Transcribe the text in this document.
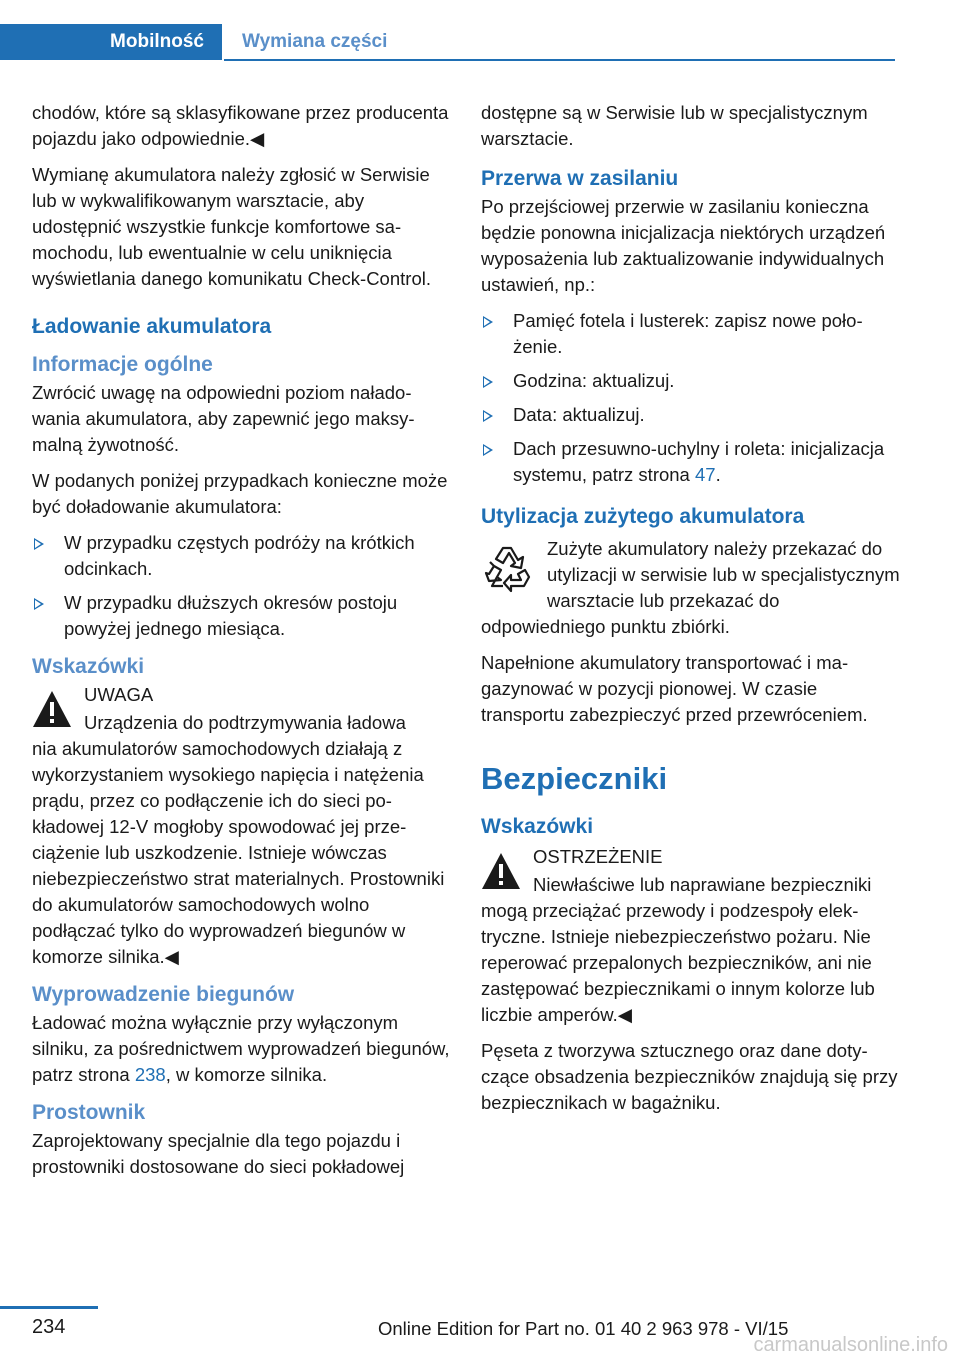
Mobilność	Wymiana części

chodów, które są sklasyfikowane przez producenta pojazdu jako odpowiednie.◀

Wymianę akumulatora należy zgłosić w Serwisie lub w wykwalifikowanym warsztacie, aby udostępnić wszystkie funkcje komfortowe samochodu, lub ewentualnie w celu uniknięcia wyświetlania danego komunikatu Check-Control.

Ładowanie akumulatora
Informacje ogólne

Zwrócić uwagę na odpowiedni poziom naładowania akumulatora, aby zapewnić jego maksymalną żywotność.

W podanych poniżej przypadkach konieczne może być doładowanie akumulatora:

W przypadku częstych podróży na krótkich odcinkach.
W przypadku dłuższych okresów postoju powyżej jednego miesiąca.
Wskazówki

UWAGA

Urządzenia do podtrzymywania ładowa
nia akumulatorów samochodowych działają z wykorzystaniem wysokiego napięcia i natężenia prądu, przez co podłączenie ich do sieci pokładowej 12-V mogłoby spowodować jej przeciążenie lub uszkodzenie. Istnieje wówczas niebezpieczeństwo strat materialnych. Prostowniki do akumulatorów samochodowych wolno podłączać tylko do wyprowadzeń biegunów w komorze silnika.◀

Wyprowadzenie biegunów

Ładować można wyłącznie przy wyłączonym silniku, za pośrednictwem wyprowadzeń biegunów, patrz strona 238, w komorze silnika.

Prostownik

Zaprojektowany specjalnie dla tego pojazdu i prostowniki dostosowane do sieci pokładowej

dostępne są w Serwisie lub w specjalistycznym warsztacie.

Przerwa w zasilaniu

Po przejściowej przerwie w zasilaniu konieczna będzie ponowna inicjalizacja niektórych urządzeń wyposażenia lub zaktualizowanie indywidualnych ustawień, np.:

Pamięć fotela i lusterek: zapisz nowe położenie.
Godzina: aktualizuj.
Data: aktualizuj.
Dach przesuwno-uchylny i roleta: inicjalizacja systemu, patrz strona 47.
Utylizacja zużytego akumulatora

Zużyte akumulatory należy przekazać do utylizacji w serwisie lub w specjalistycznym warsztacie lub przekazać do

odpowiedniego punktu zbiórki.

Napełnione akumulatory transportować i magazynować w pozycji pionowej. W czasie transportu zabezpieczyć przed przewróceniem.

Bezpieczniki
Wskazówki

OSTRZEŻENIE

Niewłaściwe lub naprawiane bezpieczniki
mogą przeciążać przewody i podzespoły elektryczne. Istnieje niebezpieczeństwo pożaru. Nie reperować przepalonych bezpieczników, ani nie zastępować bezpiecznikami o innym kolorze lub liczbie amperów.◀

Pęseta z tworzywa sztucznego oraz dane dotyczące obsadzenia bezpieczników znajdują się przy bezpiecznikach w bagażniku.

234	Online Edition for Part no. 01 40 2 963 978 - VI/15
carmanualsonline.info
